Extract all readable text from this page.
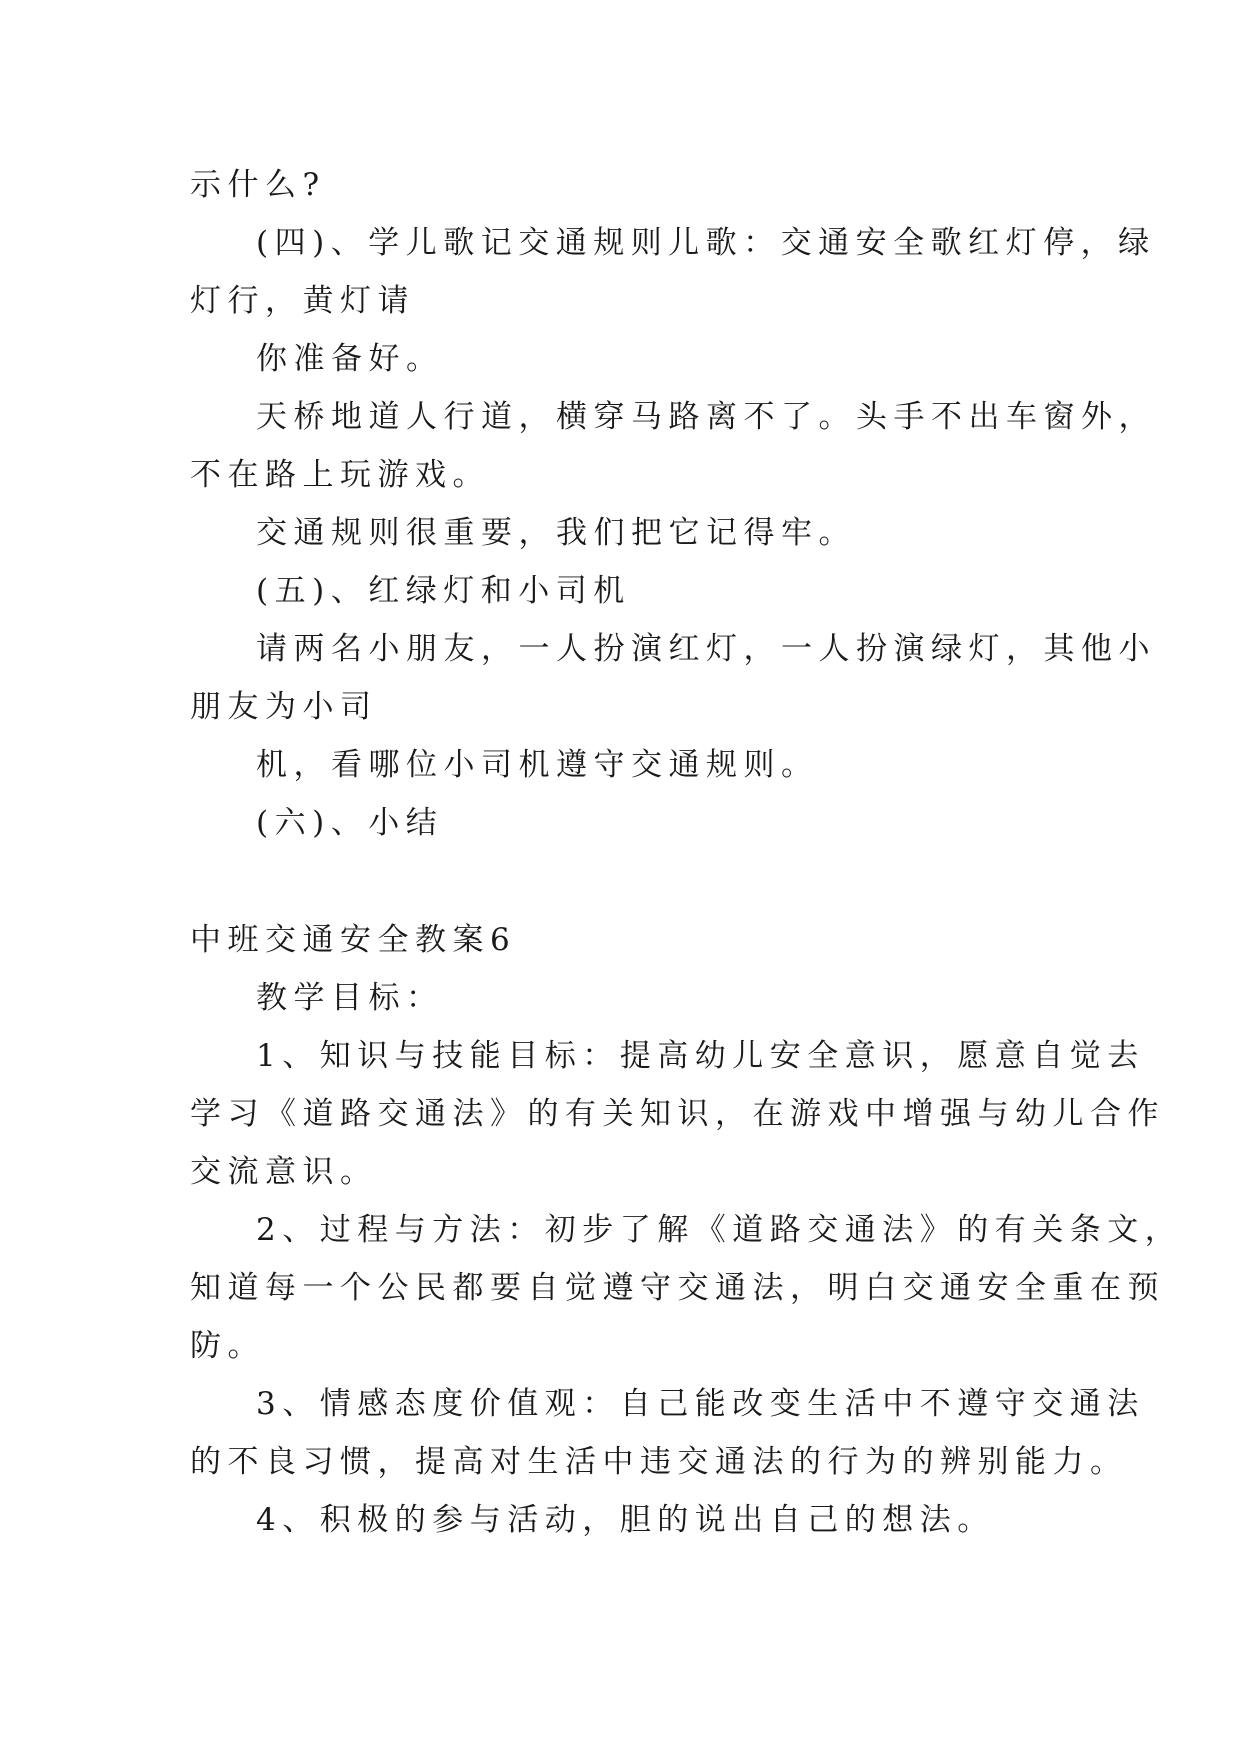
示什么?
(四)、学儿歌记交通规则儿歌：交通安全歌红灯停，绿
灯行，黄灯请
你准备好。
天桥地道人行道，横穿马路离不了。头手不出车窗外，
不在路上玩游戏。
交通规则很重要，我们把它记得牢。
(五)、红绿灯和小司机
请两名小朋友，一人扮演红灯，一人扮演绿灯，其他小
朋友为小司
机，看哪位小司机遵守交通规则。
(六)、小结
中班交通安全教案6
教学目标：
1、知识与技能目标：提高幼儿安全意识，愿意自觉去
学习《道路交通法》的有关知识，在游戏中增强与幼儿合作
交流意识。
2、过程与方法：初步了解《道路交通法》的有关条文，
知道每一个公民都要自觉遵守交通法，明白交通安全重在预
防。
3、情感态度价值观：自己能改变生活中不遵守交通法
的不良习惯，提高对生活中违交通法的行为的辨别能力。
4、积极的参与活动，胆的说出自己的想法。
